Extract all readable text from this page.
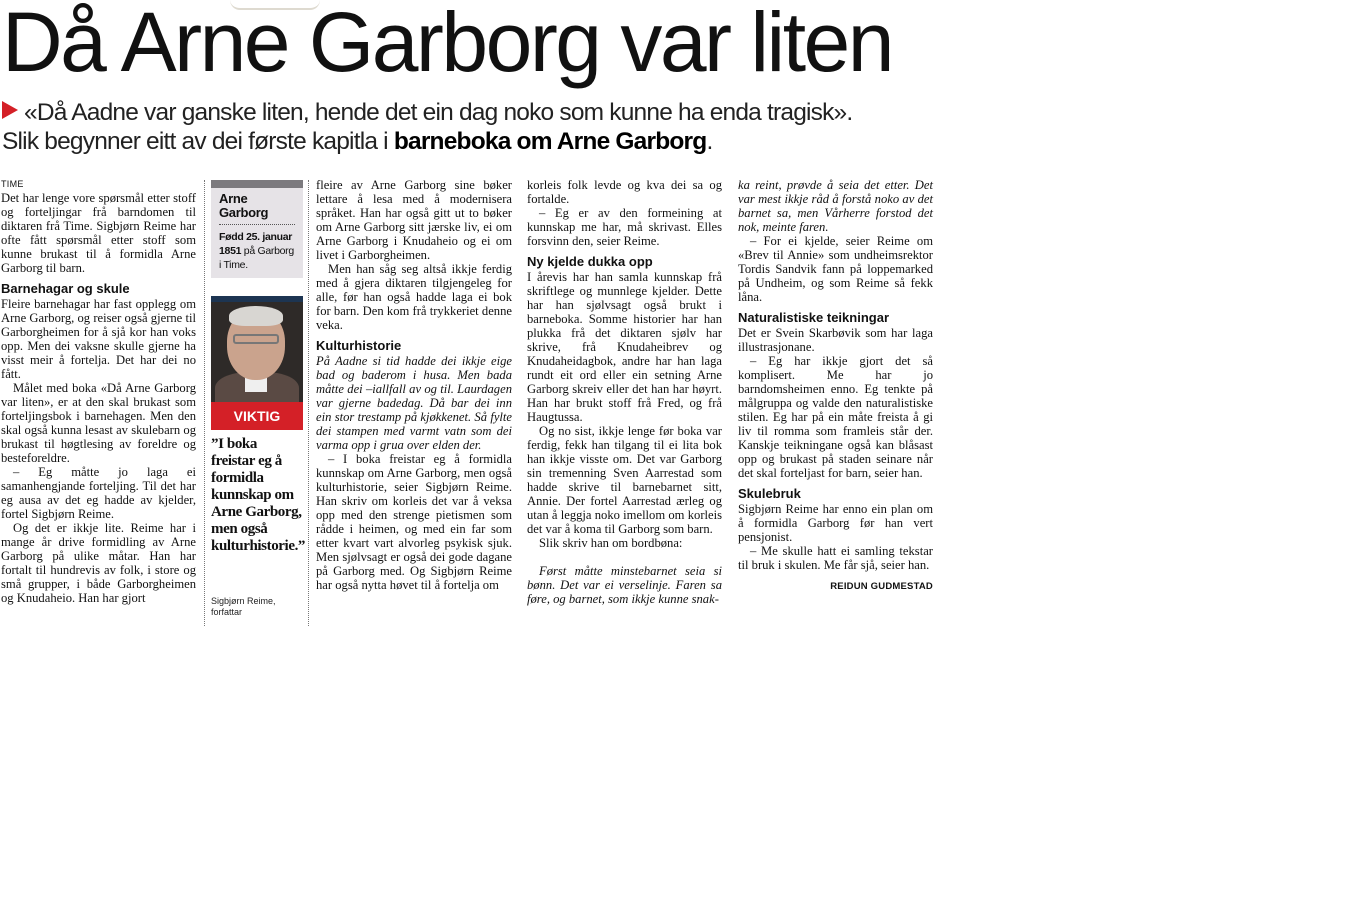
Då Arne Garborg var liten
«Då Aadne var ganske liten, hende det ein dag noko som kunne ha enda tragisk».
Slik begynner eitt av dei første kapitla i barneboka om Arne Garborg.
TIME

Det har lenge vore spørsmål etter stoff og forteljingar frå barndomen til diktaren frå Time. Sigbjørn Reime har ofte fått spørsmål etter stoff som kunne brukast til å formidla Arne Garborg til barn.

Barnehagar og skule

Fleire barnehagar har fast opplegg om Arne Garborg, og reiser også gjerne til Garborgheimen for å sjå kor han voks opp. Men dei vaksne skulle gjerne ha visst meir å fortelja. Det har dei no fått.

Målet med boka «Då Arne Garborg var liten», er at den skal brukast som forteljingsbok i barnehagen. Men den skal også kunna lesast av skulebarn og brukast til høgtlesing av foreldre og besteforeldre.

– Eg måtte jo laga ei samanhengjande forteljing. Til det har eg ausa av det eg hadde av kjelder, fortel Sigbjørn Reime.

Og det er ikkje lite. Reime har i mange år drive formidling av Arne Garborg på ulike måtar. Han har fortalt til hundrevis av folk, i store og små grupper, i både Garborgheimen og Knudaheio. Han har gjort

Arne Garborg
Fødd 25. januar 1851 på Garborg i Time.
VIKTIG
”I boka freistar eg å formidla kunnskap om Arne Garborg, men også kulturhistorie.”
Sigbjørn Reime, forfattar

fleire av Arne Garborg sine bøker lettare å lesa med å modernisera språket. Han har også gitt ut to bøker om Arne Garborg sitt jærske liv, ei om Arne Garborg i Knudaheio og ei om livet i Garborgheimen.

Men han såg seg altså ikkje ferdig med å gjera diktaren tilgjengeleg for alle, før han også hadde laga ei bok for barn. Den kom frå trykkeriet denne veka.

Kulturhistorie

På Aadne si tid hadde dei ikkje eige bad og baderom i husa. Men bada måtte dei –iallfall av og til. Laurdagen var gjerne badedag. Då bar dei inn ein stor trestamp på kjøkkenet. Så fylte dei stampen med varmt vatn som dei varma opp i grua over elden der.

– I boka freistar eg å formidla kunnskap om Arne Garborg, men også kulturhistorie, seier Sigbjørn Reime. Han skriv om korleis det var å veksa opp med den strenge pietismen som rådde i heimen, og med ein far som etter kvart vart alvorleg psykisk sjuk. Men sjølvsagt er også dei gode dagane på Garborg med. Og Sigbjørn Reime har også nytta høvet til å fortelja om

korleis folk levde og kva dei sa og fortalde.

– Eg er av den formeining at kunnskap me har, må skrivast. Elles forsvinn den, seier Reime.

Ny kjelde dukka opp

I årevis har han samla kunnskap frå skriftlege og munnlege kjelder. Dette har han sjølvsagt også brukt i barneboka. Somme historier har han plukka frå det diktaren sjølv har skrive, frå Knudaheibrev og Knudaheidagbok, andre har han laga rundt eit ord eller ein setning Arne Garborg skreiv eller det han har høyrt. Han har brukt stoff frå Fred, og frå Haugtussa.

Og no sist, ikkje lenge før boka var ferdig, fekk han tilgang til ei lita bok han ikkje visste om. Det var Garborg sin tremenning Sven Aarrestad som hadde skrive til barnebarnet sitt, Annie. Der fortel Aarrestad ærleg og utan å leggja noko imellom om korleis det var å koma til Garborg som barn.

Slik skriv han om bordbøna:

Først måtte minstebarnet seia si bønn. Det var ei verselinje. Faren sa føre, og barnet, som ikkje kunne snak-

ka reint, prøvde å seia det etter. Det var mest ikkje råd å forstå noko av det barnet sa, men Vårherre forstod det nok, meinte faren.

– For ei kjelde, seier Reime om «Brev til Annie» som undheimsrektor Tordis Sandvik fann på loppemarked på Undheim, og som Reime så fekk låna.

Naturalistiske teikningar

Det er Svein Skarbøvik som har laga illustrasjonane.

– Eg har ikkje gjort det så komplisert. Me har jo barndomsheimen enno. Eg tenkte på målgruppa og valde den naturalistiske stilen. Eg har på ein måte freista å gi liv til romma som framleis står der. Kanskje teikningane også kan blåsast opp og brukast på staden seinare når det skal forteljast for barn, seier han.

Skulebruk

Sigbjørn Reime har enno ein plan om å formidla Garborg før han vert pensjonist.

– Me skulle hatt ei samling tekstar til bruk i skulen. Me får sjå, seier han.

REIDUN GUDMESTAD
